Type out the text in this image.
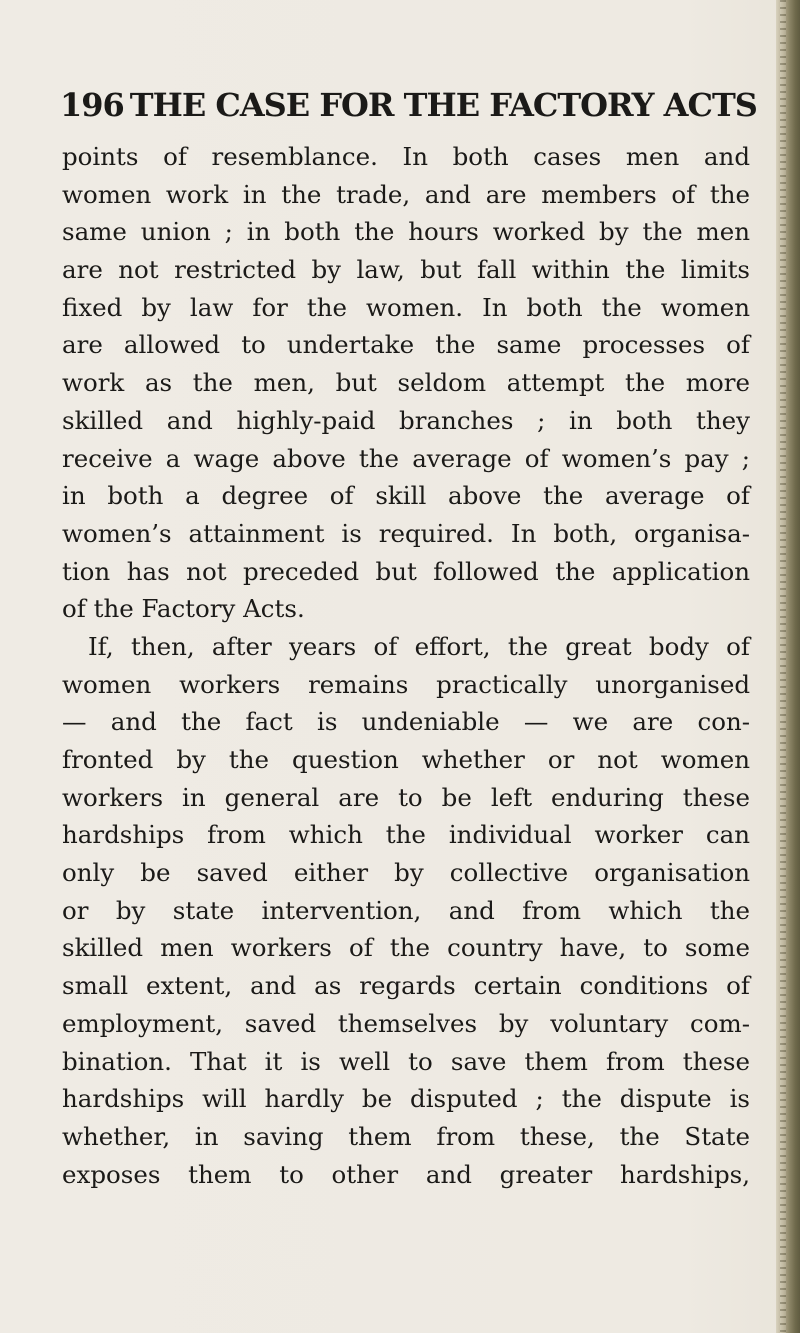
196 THE CASE FOR THE FACTORY ACTS
points of resemblance. In both cases men and
women work in the trade, and are members of the
same union ; in both the hours worked by the men
are not restricted by law, but fall within the limits
fixed by law for the women. In both the women
are allowed to undertake the same processes of
work as the men, but seldom attempt the more
skilled and highly-paid branches ; in both they
receive a wage above the average of women’s pay ;
in both a degree of skill above the average of
women’s attainment is required. In both, organisa-
tion has not preceded but followed the application
of the Factory Acts.
If, then, after years of effort, the great body of
women workers remains practically unorganised
— and the fact is undeniable — we are con-
fronted by the question whether or not women
workers in general are to be left enduring these
hardships from which the individual worker can
only be saved either by collective organisation
or by state intervention, and from which the
skilled men workers of the country have, to some
small extent, and as regards certain conditions of
employment, saved themselves by voluntary com-
bination. That it is well to save them from these
hardships will hardly be disputed ; the dispute is
whether, in saving them from these, the State
exposes them to other and greater hardships,
